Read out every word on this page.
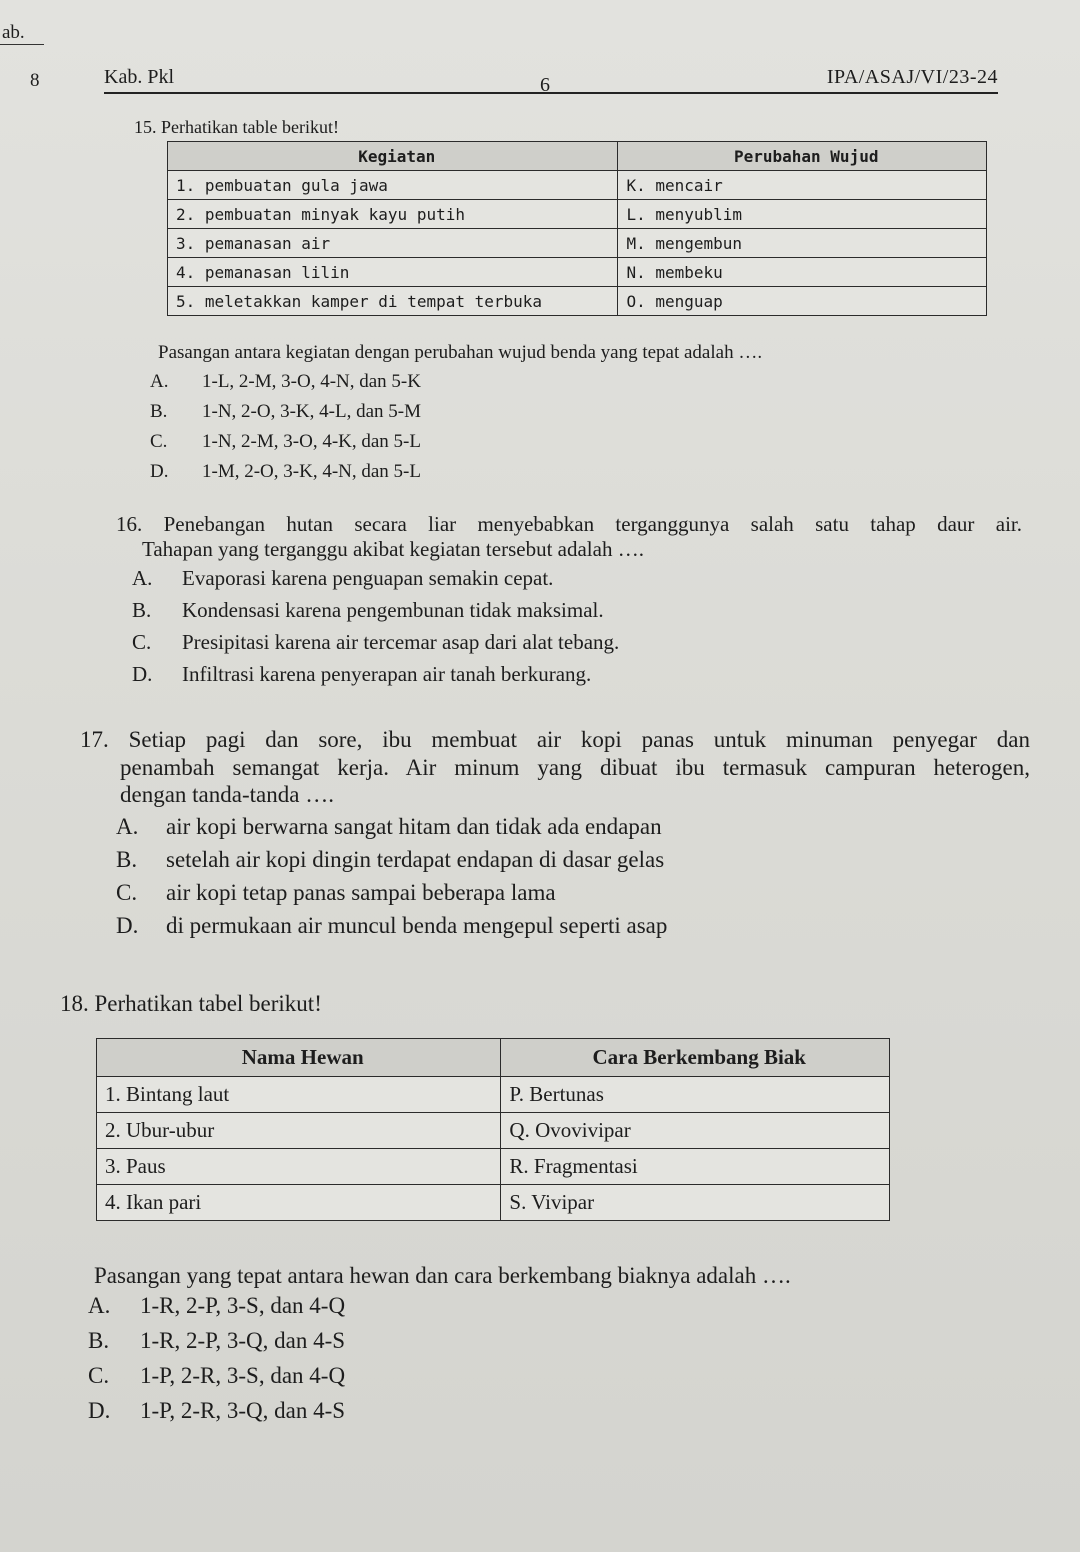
ab.
8	Kab. Pkl	6	IPA/ASAJ/VI/23-24
15. Perhatikan table berikut!
Kegiatan	Perubahan Wujud
1. pembuatan gula jawa	K. mencair
2. pembuatan minyak kayu putih	L. menyublim
3. pemanasan air	M. mengembun
4. pemanasan lilin	N. membeku
5. meletakkan kamper di tempat terbuka	O. menguap
Pasangan antara kegiatan dengan perubahan wujud benda yang tepat adalah ….
A. 1-L, 2-M, 3-O, 4-N, dan 5-K
B. 1-N, 2-O, 3-K, 4-L, dan 5-M
C. 1-N, 2-M, 3-O, 4-K, dan 5-L
D. 1-M, 2-O, 3-K, 4-N, dan 5-L

16. Penebangan hutan secara liar menyebabkan terganggunya salah satu tahap daur air.

Tahapan yang terganggu akibat kegiatan tersebut adalah ….

A. Evaporasi karena penguapan semakin cepat.
B. Kondensasi karena pengembunan tidak maksimal.
C. Presipitasi karena air tercemar asap dari alat tebang.
D. Infiltrasi karena penyerapan air tanah berkurang.

17. Setiap pagi dan sore, ibu membuat air kopi panas untuk minuman penyegar dan

penambah semangat kerja. Air minum yang dibuat ibu termasuk campuran heterogen,

dengan tanda-tanda ….

A. air kopi berwarna sangat hitam dan tidak ada endapan
B. setelah air kopi dingin terdapat endapan di dasar gelas
C. air kopi tetap panas sampai beberapa lama
D. di permukaan air muncul benda mengepul seperti asap
18. Perhatikan tabel berikut!
Nama Hewan	Cara Berkembang Biak
1. Bintang laut	P. Bertunas
2. Ubur-ubur	Q. Ovovivipar
3. Paus	R. Fragmentasi
4. Ikan pari	S. Vivipar
Pasangan yang tepat antara hewan dan cara berkembang biaknya adalah ….
A. 1-R, 2-P, 3-S, dan 4-Q
B. 1-R, 2-P, 3-Q, dan 4-S
C. 1-P, 2-R, 3-S, dan 4-Q
D. 1-P, 2-R, 3-Q, dan 4-S
